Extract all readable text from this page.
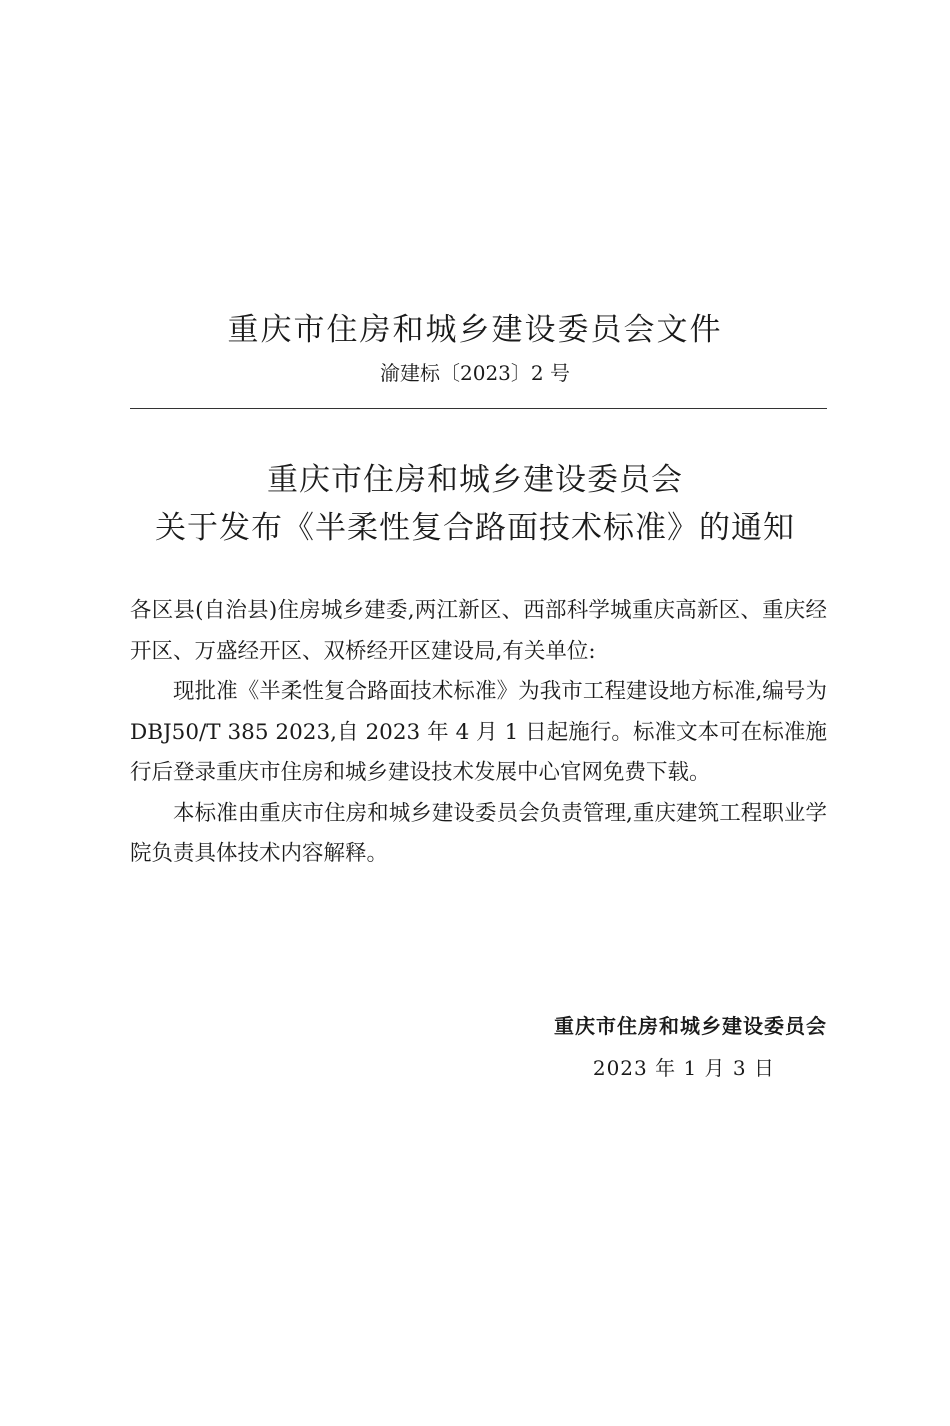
重庆市住房和城乡建设委员会文件
渝建标〔2023〕2 号
重庆市住房和城乡建设委员会
关于发布《半柔性复合路面技术标准》的通知

各区县(自治县)住房城乡建委,两江新区、西部科学城重庆高新区、重庆经开区、万盛经开区、双桥经开区建设局,有关单位:

现批准《半柔性复合路面技术标准》为我市工程建设地方标准,编号为 DBJ50/T 385 2023,自 2023 年 4 月 1 日起施行。标准文本可在标准施行后登录重庆市住房和城乡建设技术发展中心官网免费下载。

本标准由重庆市住房和城乡建设委员会负责管理,重庆建筑工程职业学院负责具体技术内容解释。

重庆市住房和城乡建设委员会
2023 年 1 月 3 日
